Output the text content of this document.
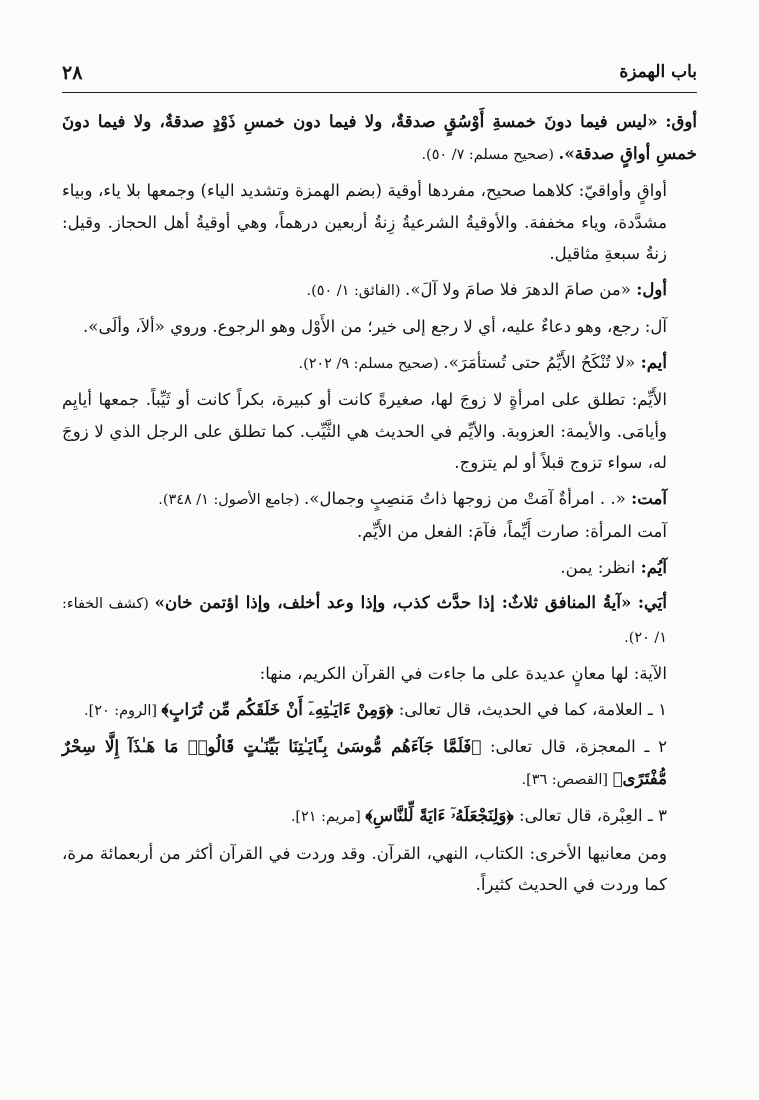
٢٨	باب الهمزة

أوق: «ليس فيما دونَ خمسةِ أَوْسُقٍ صدقةٌ، ولا فيما دون خمسِ ذَوْدٍ صدقةٌ، ولا فيما دونَ خمسِ أواقٍ صدقة». (صحيح مسلم: ٧/ ٥٠).

أواقٍ وأواقيّ: كلاهما صحيح، مفردها أوقية (بضم الهمزة وتشديد الياء) وجمعها بلا ياء، وبياء مشدَّدة، وياء مخففة. والأوقيةُ الشرعيةُ زِنةُ أربعين درهماً، وهي أوقيةُ أهل الحجاز. وقيل: زنةُ سبعةِ مثاقيل.

أول: «من صامَ الدهرَ فلا صامَ ولا آلَ». (الفائق: ١/ ٥٠).

آل: رجع، وهو دعاءٌ عليه، أي لا رجع إلى خير؛ من الأَوْل وهو الرجوع. وروي «ألاَ، وألَى».

أيم: «لا تُنْكَحُ الأَيِّمُ حتى تُستأمَرَ». (صحيح مسلم: ٩/ ٢٠٢).

الأَيِّم: تطلق على امرأةٍ لا زوجَ لها، صغيرةً كانت أو كبيرة، بكراً كانت أو ثَيِّباً. جمعها أيايِم وأيامَى. والأيمة: العزوبة. والأيِّم في الحديث هي الثَّيِّب. كما تطلق على الرجل الذي لا زوجَ له، سواء تزوج قبلاً أو لم يتزوج.

آمت: «. . امرأةٌ آمَتْ من زوجها ذاتُ مَنصِبٍ وجمال». (جامع الأصول: ١/ ٣٤٨).

آمت المرأة: صارت أَيِّماً، فآمَ: الفعل من الأَيِّم.

آيُم: انظر: يمن.

أيَي: «آيةُ المنافق ثلاثٌ: إذا حدَّث كذب، وإذا وعد أخلف، وإذا اؤتمن خان» (كشف الخفاء: ١/ ٢٠).

الآية: لها معانٍ عديدة على ما جاءت في القرآن الكريم، منها:

١ ـ العلامة، كما في الحديث، قال تعالى: ﴿وَمِنْ ءَايَـٰتِهِۦٓ أَنْ خَلَقَكُم مِّن تُرَابٍ﴾ [الروم: ٢٠].

٢ ـ المعجزة، قال تعالى: ﴿فَلَمَّا جَآءَهُم مُّوسَىٰ بِـَٔايَـٰتِنَا بَيِّنَـٰتٍ قَالُوا۟ مَا هَـٰذَآ إِلَّا سِحْرٌ مُّفْتَرًى﴾ [القصص: ٣٦].

٣ ـ العِبْرة، قال تعالى: ﴿وَلِنَجْعَلَهُۥٓ ءَايَةً لِّلنَّاسِ﴾ [مريم: ٢١].

ومن معانيها الأخرى: الكتاب، النهي، القرآن. وقد وردت في القرآن أكثر من أربعمائة مرة، كما وردت في الحديث كثيراً.
